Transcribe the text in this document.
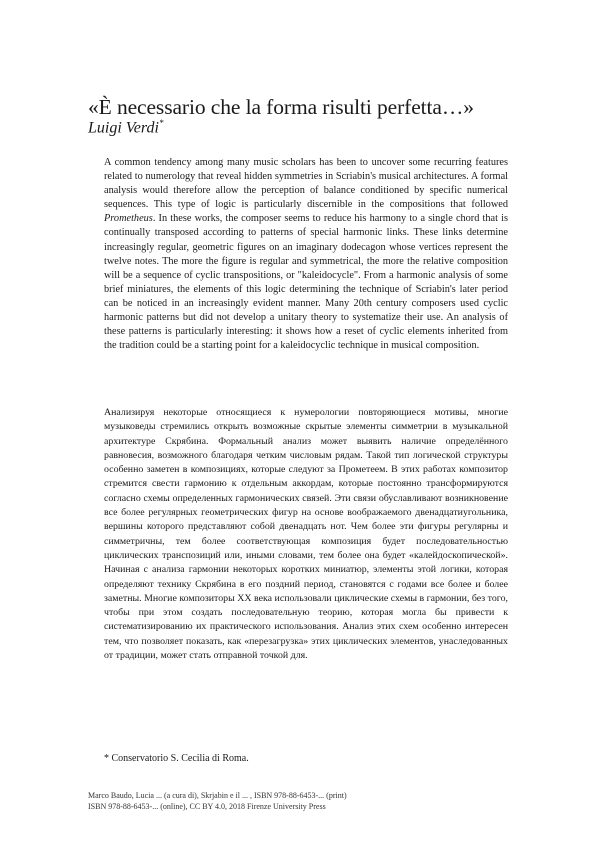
«È necessario che la forma risulti perfetta…»
Luigi Verdi*

A common tendency among many music scholars has been to uncover some recurring features related to numerology that reveal hidden symmetries in Scriabin's musical architectures. A formal analysis would therefore allow the perception of balance conditioned by specific numerical sequences. This type of logic is particularly discernible in the compositions that followed Prometheus. In these works, the composer seems to reduce his harmony to a single chord that is continually transposed according to patterns of special harmonic links. These links determine increasingly regular, geometric figures on an imaginary dodecagon whose vertices represent the twelve notes. The more the figure is regular and symmetrical, the more the relative composition will be a sequence of cyclic transpositions, or "kaleidocycle". From a harmonic analysis of some brief miniatures, the elements of this logic determining the technique of Scriabin's later period can be noticed in an increasingly evident manner. Many 20th century composers used cyclic harmonic patterns but did not develop a unitary theory to systematize their use. An analysis of these patterns is particularly interesting: it shows how a reset of cyclic elements inherited from the tradition could be a starting point for a kaleidocyclic technique in musical composition.

Анализируя некоторые относящиеся к нумерологии повторяющиеся мотивы, многие музыковеды стремились открыть возможные скрытые элементы симметрии в музыкальной архитектуре Скрябина. Формальный анализ может выявить наличие определённого равновесия, возможного благодаря четким числовым рядам. Такой тип логической структуры особенно заметен в композициях, которые следуют за Прометеем. В этих работах композитор стремится свести гармонию к отдельным аккордам, которые постоянно трансформируются согласно схемы определенных гармонических связей. Эти связи обуславливают возникновение все более регулярных геометрических фигур на основе воображаемого двенадцатиугольника, вершины которого представляют собой двенадцать нот. Чем более эти фигуры регулярны и симметричны, тем более соответствующая композиция будет последовательностью циклических транспозиций или, иными словами, тем более она будет «калейдоскопической». Начиная с анализа гармонии некоторых коротких миниатюр, элементы этой логики, которая определяют технику Скрябина в его поздний период, становятся с годами все более и более заметны. Многие композиторы XX века использовали циклические схемы в гармонии, без того, чтобы при этом создать последовательную теорию, которая могла бы привести к систематизированию их практического использования. Анализ этих схем особенно интересен тем, что позволяет показать, как «перезагрузка» этих циклических элементов, унаследованных от традиции, может стать отправной точкой для.

* Conservatorio S. Cecilia di Roma.

Marco Baudo, Lucia ... (a cura di), Skrjabin e il ... , ISBN 978-88-6453-... (print)
ISBN 978-88-6453-... (online), CC BY 4.0, 2018 Firenze University Press
